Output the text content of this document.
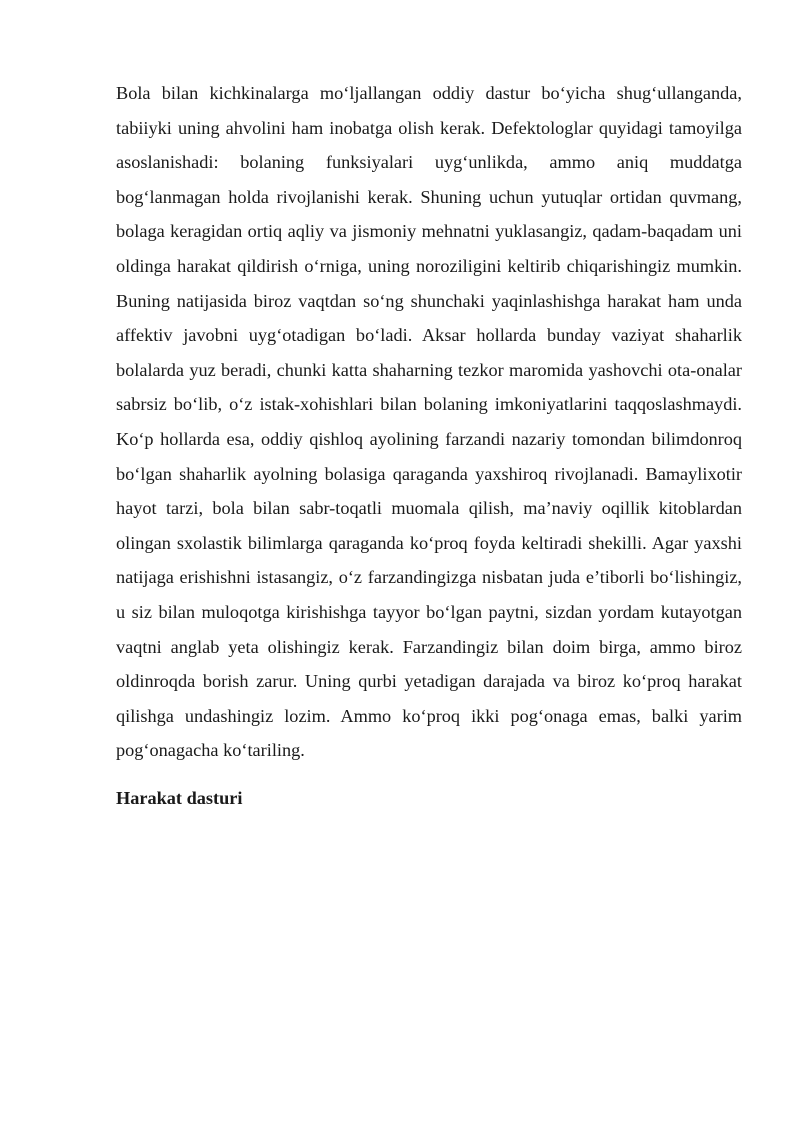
Bola bilan kichkinalarga mo‘ljallangan oddiy dastur bo‘yicha shug‘ullanganda, tabiiyki uning ahvolini ham inobatga olish kerak. Defektologlar quyidagi tamoyilga asoslanishadi: bolaning funksiyalari uyg‘unlikda, ammo aniq muddatga bog‘lanmagan holda rivojlanishi kerak. Shuning uchun yutuqlar ortidan quvmang, bolaga keragidan ortiq aqliy va jismoniy mehnatni yuklasangiz, qadam-baqadam uni oldinga harakat qildirish o‘rniga, uning noroziligini keltirib chiqarishingiz mumkin. Buning natijasida biroz vaqtdan so‘ng shunchaki yaqinlashishga harakat ham unda affektiv javobni uyg‘otadigan bo‘ladi. Aksar hollarda bunday vaziyat shaharlik bolalarda yuz beradi, chunki katta shaharning tezkor maromida yashovchi ota-onalar sabrsiz bo‘lib, o‘z istak-xohishlari bilan bolaning imkoniyatlarini taqqoslashmaydi. Ko‘p hollarda esa, oddiy qishloq ayolining farzandi nazariy tomondan bilimdonroq bo‘lgan shaharlik ayolning bolasiga qaraganda yaxshiroq rivojlanadi. Bamaylixotir hayot tarzi, bola bilan sabr-toqatli muomala qilish, ma’naviy oqillik kitoblardan olingan sxolastik bilimlarga qaraganda ko‘proq foyda keltiradi shekilli. Agar yaxshi natijaga erishishni istasangiz, o‘z farzandingizga nisbatan juda e’tiborli bo‘lishingiz, u siz bilan muloqotga kirishishga tayyor bo‘lgan paytni, sizdan yordam kutayotgan vaqtni anglab yeta olishingiz kerak. Farzandingiz bilan doim birga, ammo biroz oldinroqda borish zarur. Uning qurbi yetadigan darajada va biroz ko‘proq harakat qilishga undashingiz lozim. Ammo ko‘proq ikki pog‘onaga emas, balki yarim pog‘onagacha ko‘tariling.

Harakat dasturi
